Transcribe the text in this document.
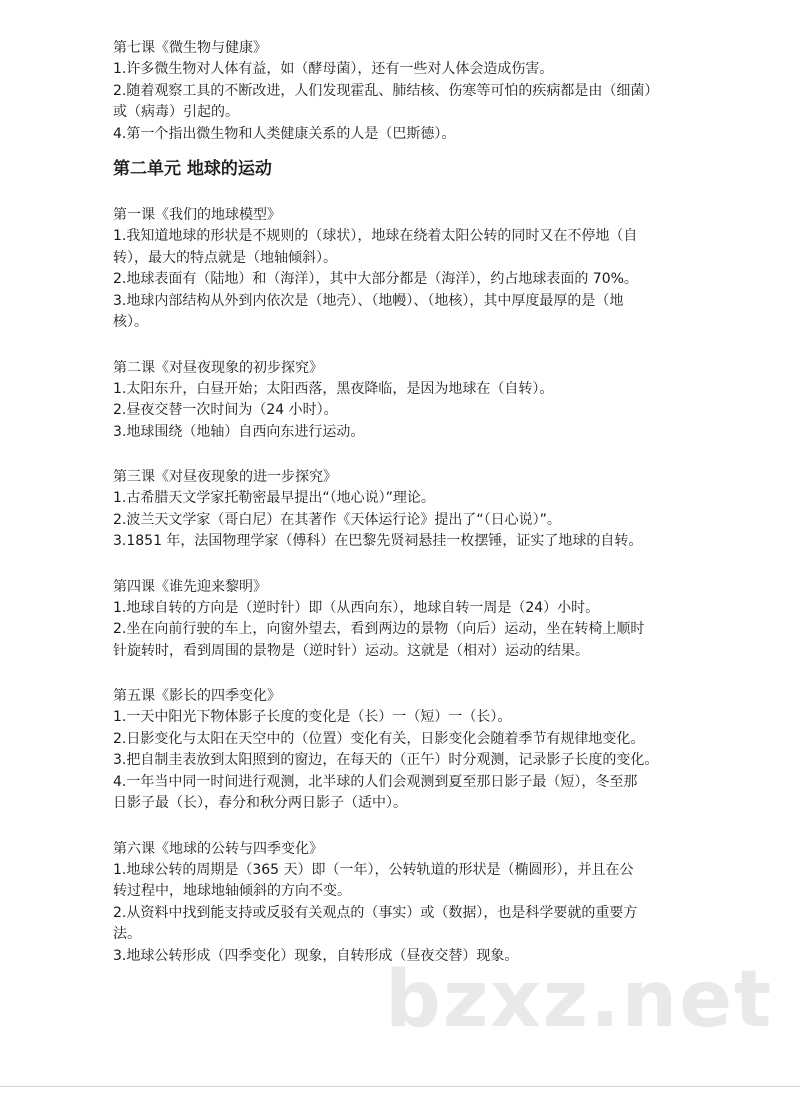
第七课《微生物与健康》

1.许多微生物对人体有益，如（酵母菌），还有一些对人体会造成伤害。

2.随着观察工具的不断改进，人们发现霍乱、肺结核、伤寒等可怕的疾病都是由（细菌）

或（病毒）引起的。

4.第一个指出微生物和人类健康关系的人是（巴斯德）。

第二单元 地球的运动

第一课《我们的地球模型》

1.我知道地球的形状是不规则的（球状），地球在绕着太阳公转的同时又在不停地（自

转），最大的特点就是（地轴倾斜）。

2.地球表面有（陆地）和（海洋），其中大部分都是（海洋），约占地球表面的 70%。

3.地球内部结构从外到内依次是（地壳）、（地幔）、（地核），其中厚度最厚的是（地

核）。

第二课《对昼夜现象的初步探究》

1.太阳东升，白昼开始；太阳西落，黑夜降临，是因为地球在（自转）。

2.昼夜交替一次时间为（24 小时）。

3.地球围绕（地轴）自西向东进行运动。

第三课《对昼夜现象的进一步探究》

1.古希腊天文学家托勒密最早提出“（地心说）”理论。

2.波兰天文学家（哥白尼）在其著作《天体运行论》提出了“（日心说）”。

3.1851 年，法国物理学家（傅科）在巴黎先贤祠悬挂一枚摆锤，证实了地球的自转。

第四课《谁先迎来黎明》

1.地球自转的方向是（逆时针）即（从西向东），地球自转一周是（24）小时。

2.坐在向前行驶的车上，向窗外望去，看到两边的景物（向后）运动，坐在转椅上顺时

针旋转时，看到周围的景物是（逆时针）运动。这就是（相对）运动的结果。

第五课《影长的四季变化》

1.一天中阳光下物体影子长度的变化是（长）一（短）一（长）。

2.日影变化与太阳在天空中的（位置）变化有关，日影变化会随着季节有规律地变化。

3.把自制圭表放到太阳照到的窗边，在每天的（正午）时分观测，记录影子长度的变化。

4.一年当中同一时间进行观测，北半球的人们会观测到夏至那日影子最（短），冬至那

日影子最（长），春分和秋分两日影子（适中）。

第六课《地球的公转与四季变化》

1.地球公转的周期是（365 天）即（一年），公转轨道的形状是（椭圆形），并且在公

转过程中，地球地轴倾斜的方向不变。

2.从资料中找到能支持或反驳有关观点的（事实）或（数据），也是科学要就的重要方

法。

3.地球公转形成（四季变化）现象，自转形成（昼夜交替）现象。

bzxz.net
